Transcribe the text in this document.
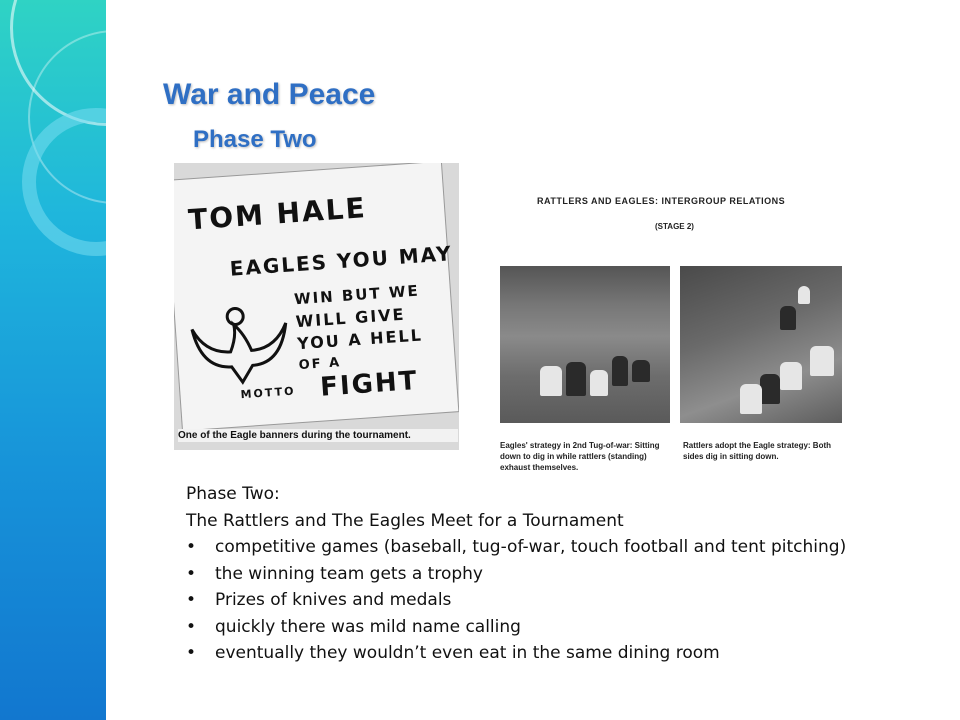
War and Peace
Phase Two
TOM HALE
EAGLES YOU MAY
WIN BUT WE
WILL GIVE
YOU A HELL
OF A
MOTTO FIGHT
One of the Eagle banners during the tournament.
RATTLERS AND EAGLES: INTERGROUP RELATIONS
(STAGE 2)
Eagles' strategy in 2nd Tug-of-war: Sitting down to dig in while rattlers (standing) exhaust themselves.
Rattlers adopt the Eagle strategy: Both sides dig in sitting down.
Phase Two:
The Rattlers and The Eagles Meet for a Tournament
• competitive games (baseball, tug-of-war, touch football and tent pitching)
• the winning team gets a trophy
• Prizes of knives and medals
• quickly there was mild name calling
• eventually they wouldn’t even eat in the same dining room
